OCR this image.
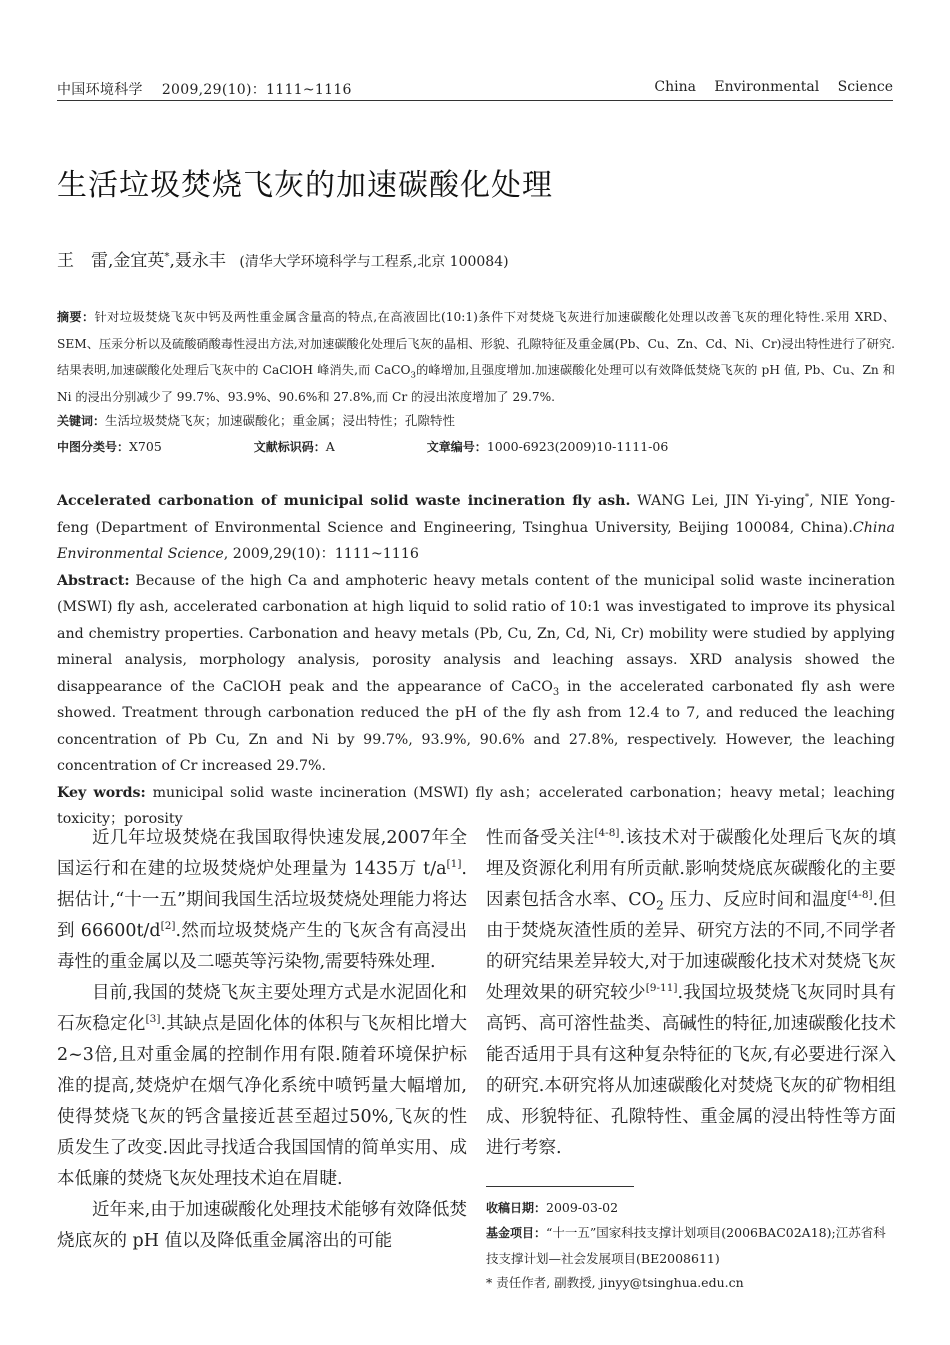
中国环境科学 2009,29(10)：1111~1116	China Environmental Science
生活垃圾焚烧飞灰的加速碳酸化处理
王　雷,金宜英*,聂永丰 (清华大学环境科学与工程系,北京 100084)
摘要：针对垃圾焚烧飞灰中钙及两性重金属含量高的特点,在高液固比(10:1)条件下对焚烧飞灰进行加速碳酸化处理以改善飞灰的理化特性.采用 XRD、SEM、压汞分析以及硫酸硝酸毒性浸出方法,对加速碳酸化处理后飞灰的晶相、形貌、孔隙特征及重金属(Pb、Cu、Zn、Cd、Ni、Cr)浸出特性进行了研究.结果表明,加速碳酸化处理后飞灰中的 CaClOH 峰消失,而 CaCO$_3$的峰增加,且强度增加.加速碳酸化处理可以有效降低焚烧飞灰的 pH 值, Pb、Cu、Zn 和 Ni 的浸出分别减少了 99.7%、93.9%、90.6%和 27.8%,而 Cr 的浸出浓度增加了 29.7%.
关键词：生活垃圾焚烧飞灰；加速碳酸化；重金属；浸出特性；孔隙特性
中图分类号：X705	文献标识码：A	文章编号：1000-6923(2009)10-1111-06
Accelerated carbonation of municipal solid waste incineration fly ash. WANG Lei, JIN Yi-ying*, NIE Yong-feng (Department of Environmental Science and Engineering, Tsinghua University, Beijing 100084, China).China Environmental Science, 2009,29(10)：1111~1116
Abstract: Because of the high Ca and amphoteric heavy metals content of the municipal solid waste incineration (MSWI) fly ash, accelerated carbonation at high liquid to solid ratio of 10:1 was investigated to improve its physical and chemistry properties. Carbonation and heavy metals (Pb, Cu, Zn, Cd, Ni, Cr) mobility were studied by applying mineral analysis, morphology analysis, porosity analysis and leaching assays. XRD analysis showed the disappearance of the CaClOH peak and the appearance of CaCO$_3$ in the accelerated carbonated fly ash were showed. Treatment through carbonation reduced the pH of the fly ash from 12.4 to 7, and reduced the leaching concentration of Pb Cu, Zn and Ni by 99.7%, 93.9%, 90.6% and 27.8%, respectively. However, the leaching concentration of Cr increased 29.7%.
Key words: municipal solid waste incineration (MSWI) fly ash；accelerated carbonation；heavy metal；leaching toxicity；porosity

近几年垃圾焚烧在我国取得快速发展,2007年全国运行和在建的垃圾焚烧炉处理量为 1435万 t/a[1].据估计,“十一五”期间我国生活垃圾焚烧处理能力将达到 66600t/d[2].然而垃圾焚烧产生的飞灰含有高浸出毒性的重金属以及二噁英等污染物,需要特殊处理.

目前,我国的焚烧飞灰主要处理方式是水泥固化和石灰稳定化[3].其缺点是固化体的体积与飞灰相比增大2~3倍,且对重金属的控制作用有限.随着环境保护标准的提高,焚烧炉在烟气净化系统中喷钙量大幅增加,使得焚烧飞灰的钙含量接近甚至超过50%,飞灰的性质发生了改变.因此寻找适合我国国情的简单实用、成本低廉的焚烧飞灰处理技术迫在眉睫.

近年来,由于加速碳酸化处理技术能够有效降低焚烧底灰的 pH 值以及降低重金属溶出的可能

性而备受关注[4-8].该技术对于碳酸化处理后飞灰的填埋及资源化利用有所贡献.影响焚烧底灰碳酸化的主要因素包括含水率、$CO_2$ 压力、反应时间和温度[4-8].但由于焚烧灰渣性质的差异、研究方法的不同,不同学者的研究结果差异较大,对于加速碳酸化技术对焚烧飞灰处理效果的研究较少[9-11].我国垃圾焚烧飞灰同时具有高钙、高可溶性盐类、高碱性的特征,加速碳酸化技术能否适用于具有这种复杂特征的飞灰,有必要进行深入的研究.本研究将从加速碳酸化对焚烧飞灰的矿物相组成、形貌特征、孔隙特性、重金属的浸出特性等方面进行考察.

收稿日期：2009-03-02
基金项目：“十一五”国家科技支撑计划项目(2006BAC02A18);江苏省科技支撑计划—社会发展项目(BE2008611)
* 责任作者, 副教授, jinyy@tsinghua.edu.cn
